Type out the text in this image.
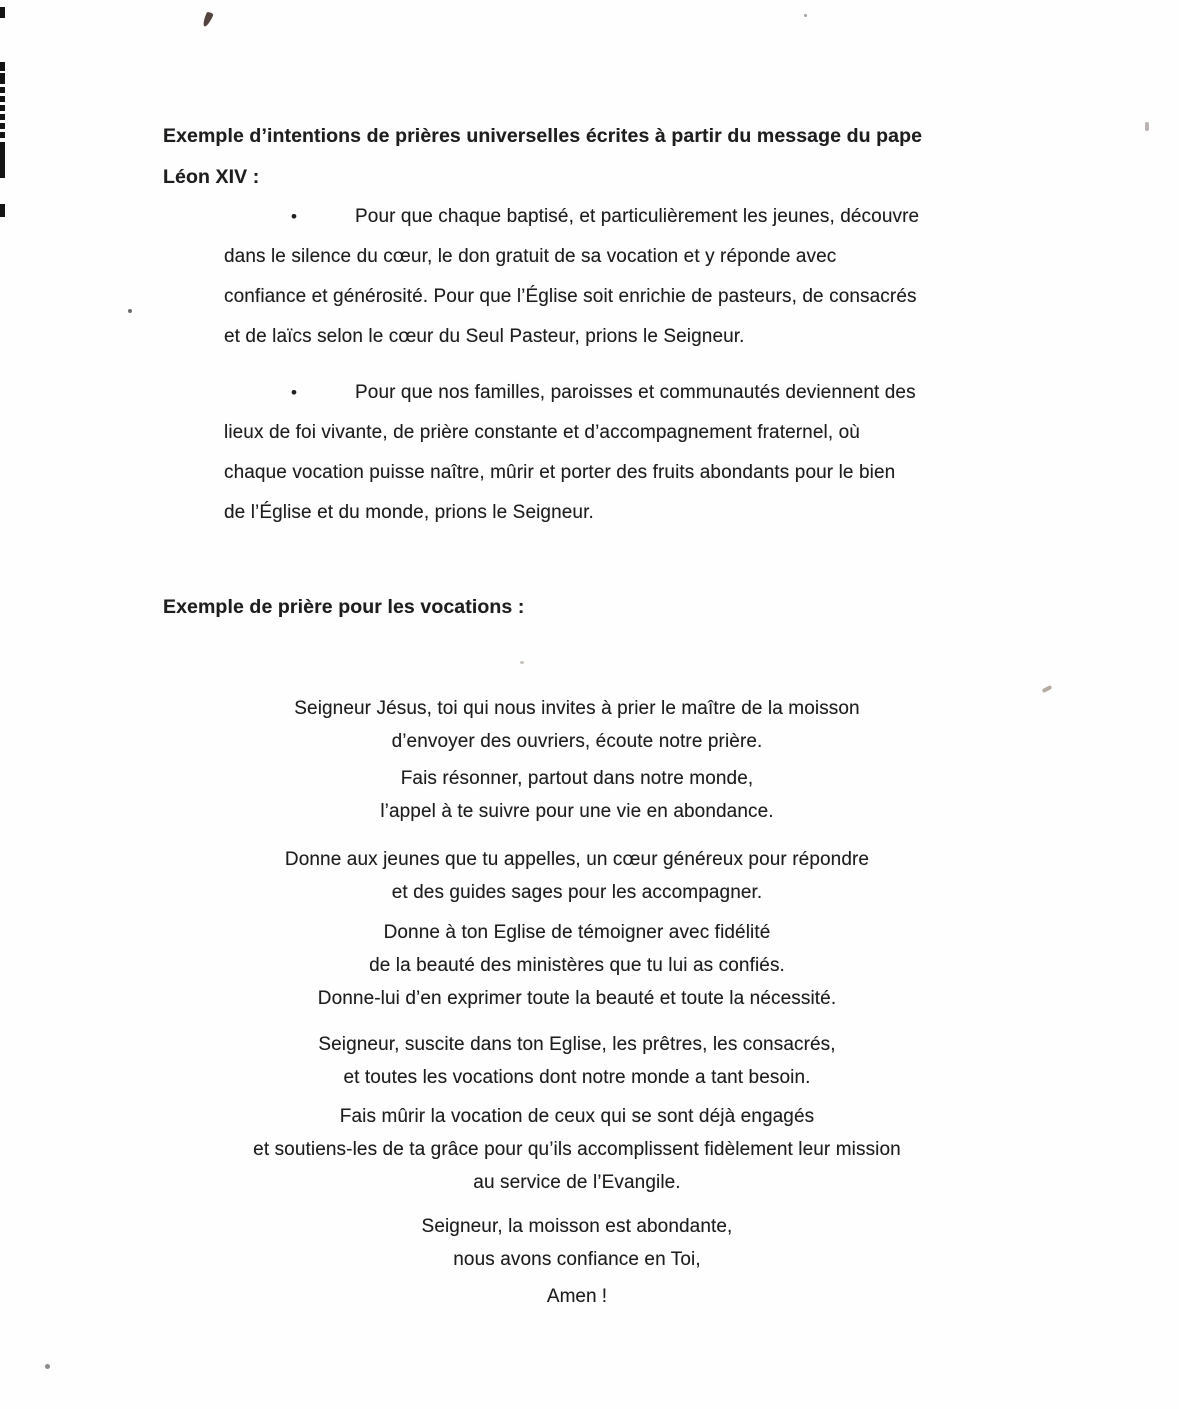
Exemple d’intentions de prières universelles écrites à partir du message du pape
Léon XIV :
•	Pour que chaque baptisé, et particulièrement les jeunes, découvre
dans le silence du cœur, le don gratuit de sa vocation et y réponde avec
confiance et générosité. Pour que l’Église soit enrichie de pasteurs, de consacrés
et de laïcs selon le cœur du Seul Pasteur, prions le Seigneur.
•	Pour que nos familles, paroisses et communautés deviennent des
lieux de foi vivante, de prière constante et d’accompagnement fraternel, où
chaque vocation puisse naître, mûrir et porter des fruits abondants pour le bien
de l’Église et du monde, prions le Seigneur.
Exemple de prière pour les vocations :
Seigneur Jésus, toi qui nous invites à prier le maître de la moisson
d’envoyer des ouvriers, écoute notre prière.
Fais résonner, partout dans notre monde,
l’appel à te suivre pour une vie en abondance.
Donne aux jeunes que tu appelles, un cœur généreux pour répondre
et des guides sages pour les accompagner.
Donne à ton Eglise de témoigner avec fidélité
de la beauté des ministères que tu lui as confiés.
Donne-lui d’en exprimer toute la beauté et toute la nécessité.
Seigneur, suscite dans ton Eglise, les prêtres, les consacrés,
et toutes les vocations dont notre monde a tant besoin.
Fais mûrir la vocation de ceux qui se sont déjà engagés
et soutiens-les de ta grâce pour qu’ils accomplissent fidèlement leur mission
au service de l’Evangile.
Seigneur, la moisson est abondante,
nous avons confiance en Toi,
Amen !
